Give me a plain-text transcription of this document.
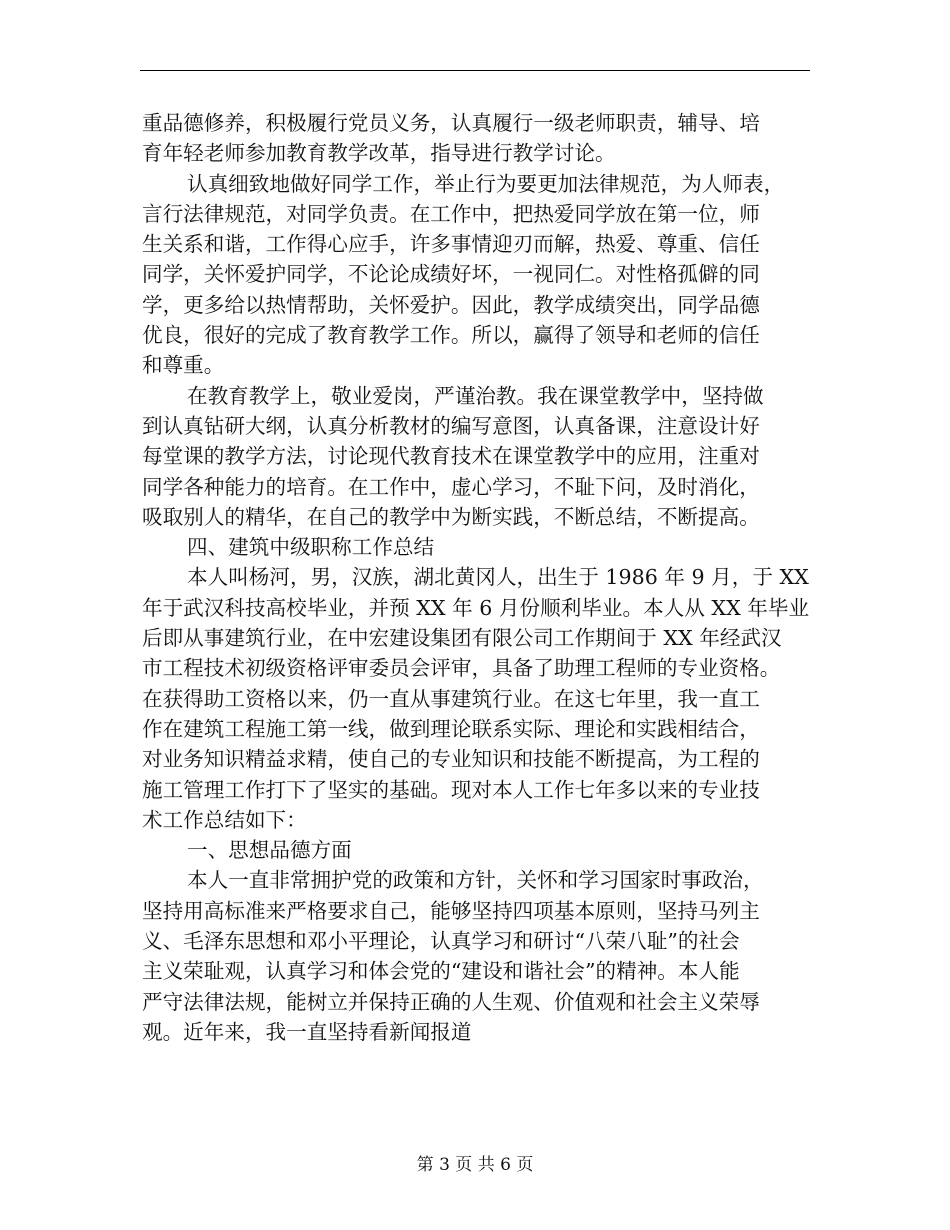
重品德修养，积极履行党员义务，认真履行一级老师职责，辅导、培
育年轻老师参加教育教学改革，指导进行教学讨论。
认真细致地做好同学工作，举止行为要更加法律规范，为人师表，
言行法律规范，对同学负责。在工作中，把热爱同学放在第一位，师
生关系和谐，工作得心应手，许多事情迎刃而解，热爱、尊重、信任
同学，关怀爱护同学，不论论成绩好坏，一视同仁。对性格孤僻的同
学，更多给以热情帮助，关怀爱护。因此，教学成绩突出，同学品德
优良，很好的完成了教育教学工作。所以，赢得了领导和老师的信任
和尊重。
在教育教学上，敬业爱岗，严谨治教。我在课堂教学中，坚持做
到认真钻研大纲，认真分析教材的编写意图，认真备课，注意设计好
每堂课的教学方法，讨论现代教育技术在课堂教学中的应用，注重对
同学各种能力的培育。在工作中，虚心学习，不耻下问，及时消化，
吸取别人的精华，在自己的教学中为断实践，不断总结，不断提高。
四、建筑中级职称工作总结
本人叫杨河，男，汉族，湖北黄冈人，出生于 1986 年 9 月，于 XX
年于武汉科技高校毕业，并预 XX 年 6 月份顺利毕业。本人从 XX 年毕业
后即从事建筑行业，在中宏建设集团有限公司工作期间于 XX 年经武汉
市工程技术初级资格评审委员会评审，具备了助理工程师的专业资格。
在获得助工资格以来，仍一直从事建筑行业。在这七年里，我一直工
作在建筑工程施工第一线，做到理论联系实际、理论和实践相结合，
对业务知识精益求精，使自己的专业知识和技能不断提高，为工程的
施工管理工作打下了坚实的基础。现对本人工作七年多以来的专业技
术工作总结如下：
一、思想品德方面
本人一直非常拥护党的政策和方针，关怀和学习国家时事政治，
坚持用高标准来严格要求自己，能够坚持四项基本原则，坚持马列主
义、毛泽东思想和邓小平理论，认真学习和研讨“八荣八耻”的社会
主义荣耻观，认真学习和体会党的“建设和谐社会”的精神。本人能
严守法律法规，能树立并保持正确的人生观、价值观和社会主义荣辱
观。近年来，我一直坚持看新闻报道
第 3 页 共 6 页
